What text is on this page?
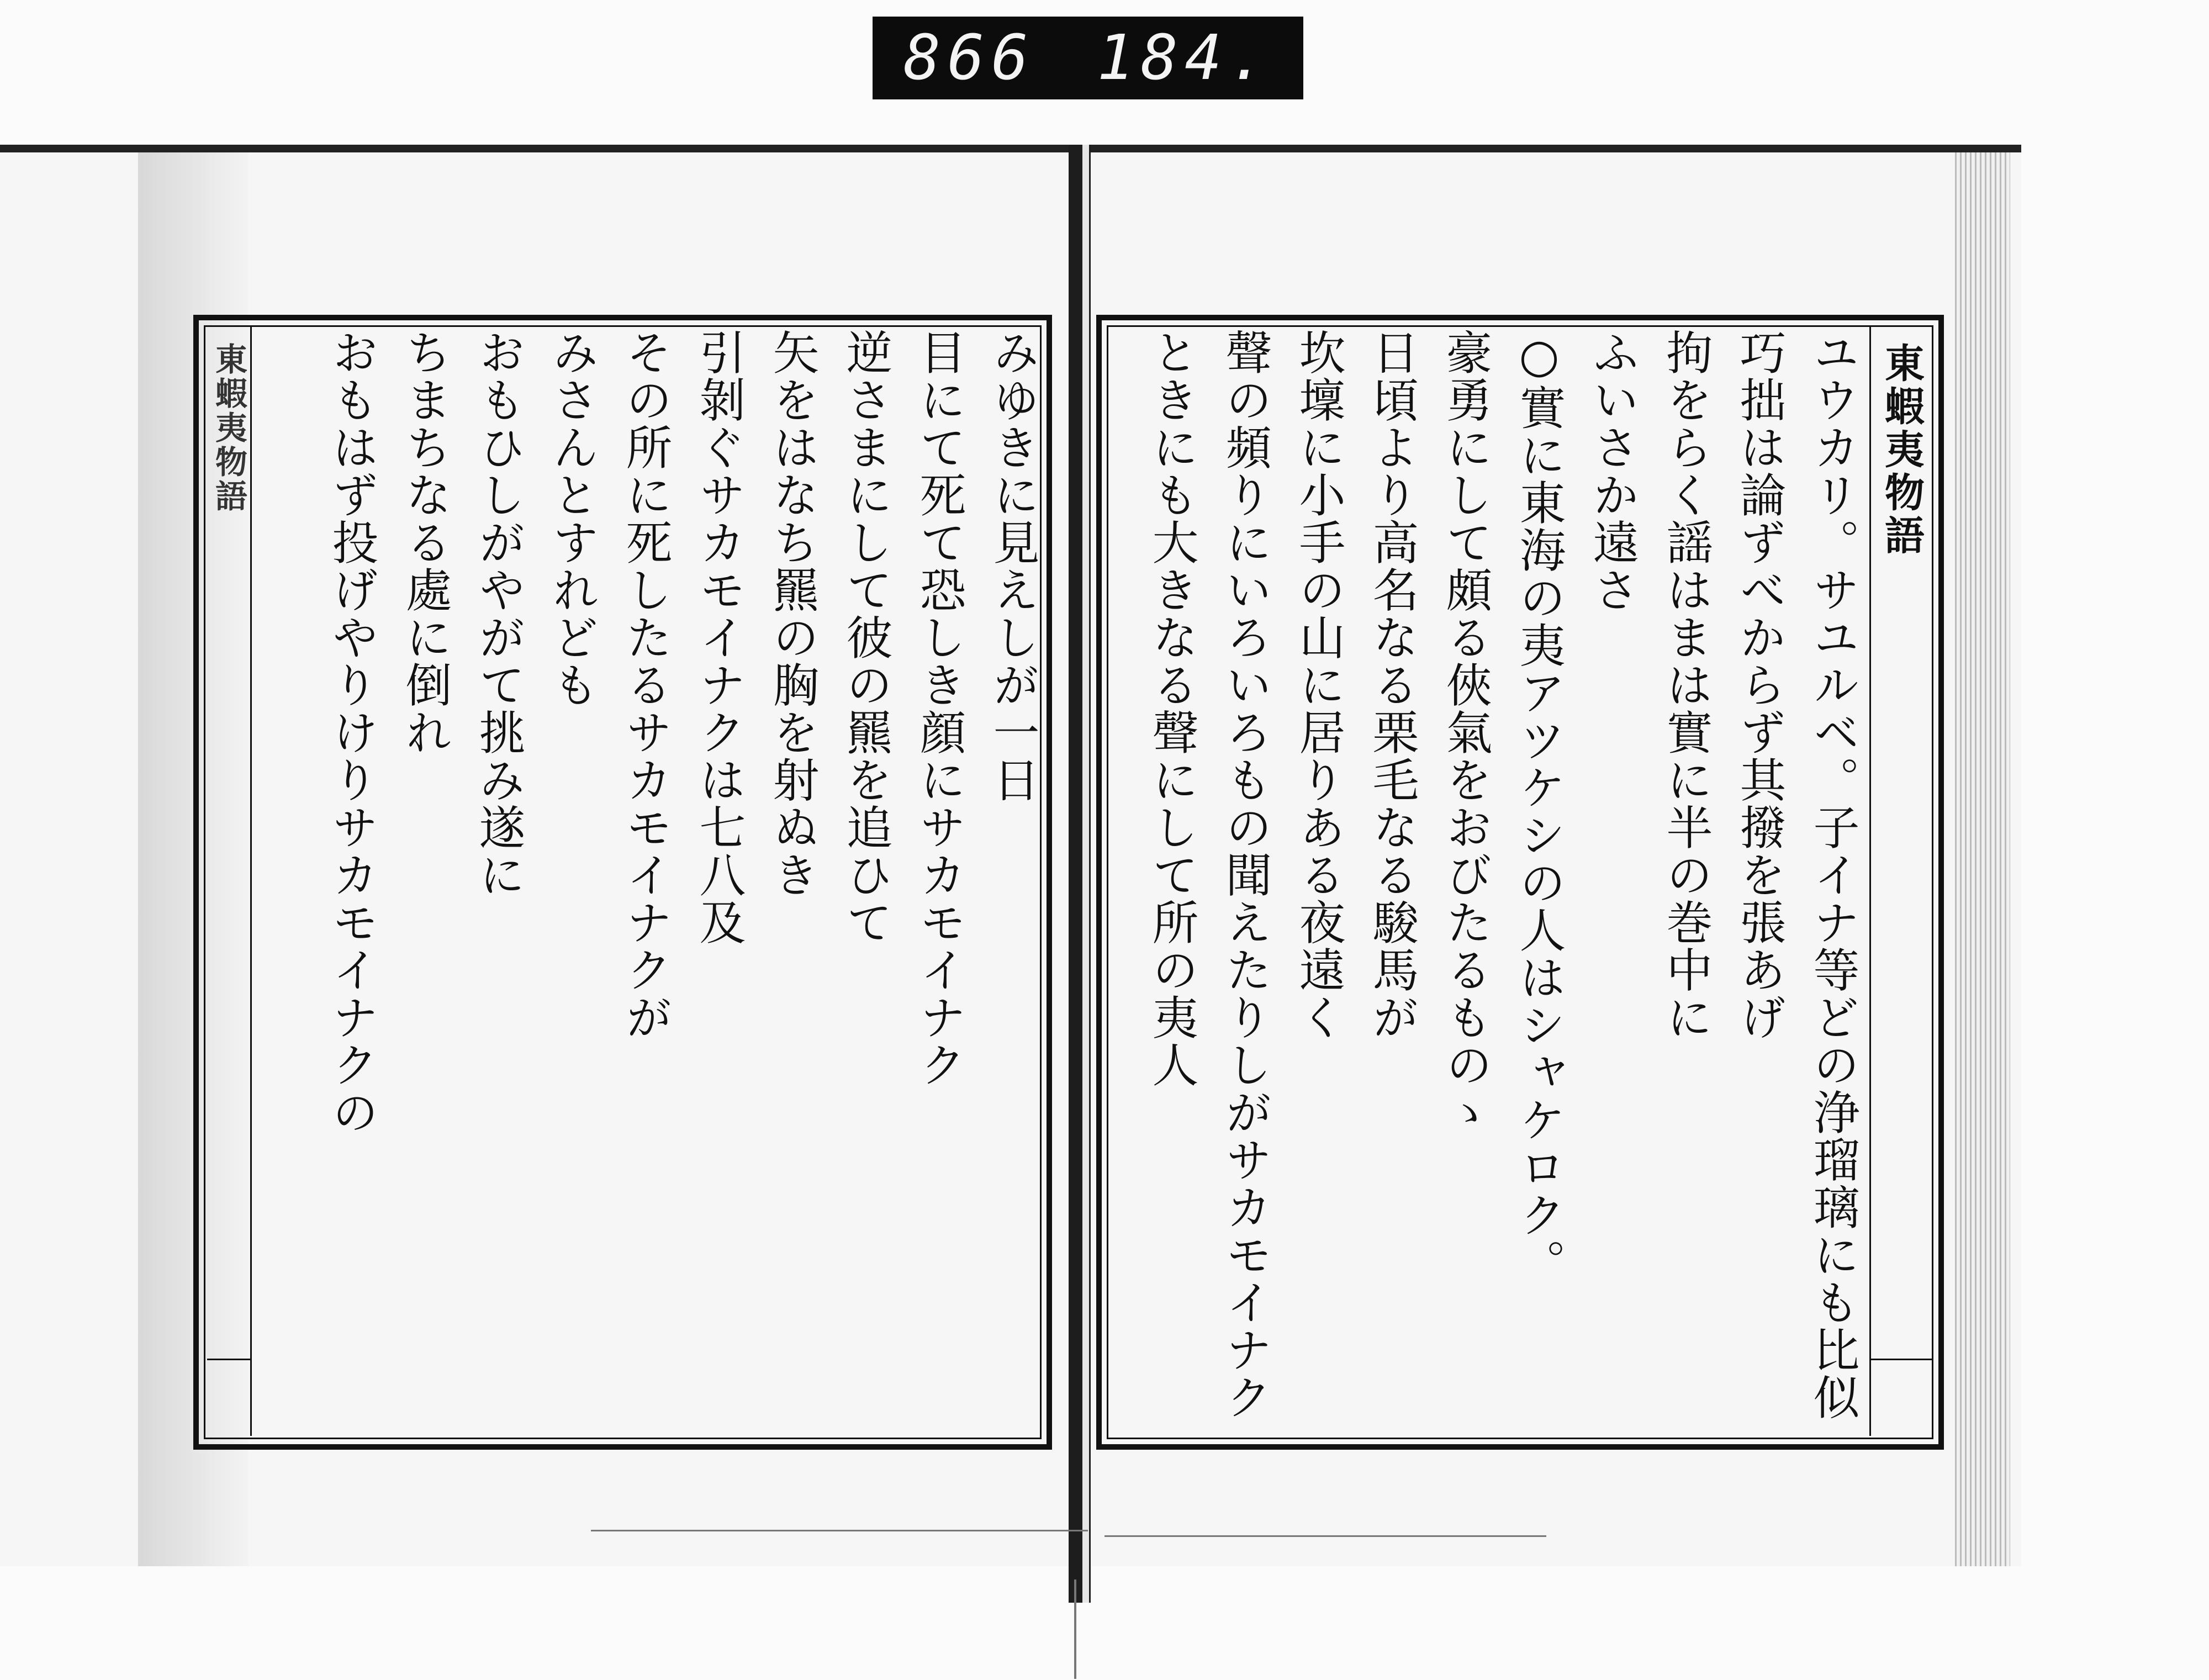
866 184.
東蝦夷物語
ユウカリ。サユルベ。子イナ等どの浄瑠璃にも比似
巧拙は論ずべからず其撥を張あげ
拘をらく謡はまは實に半の巻中に
ふいさか遠さ
○實に東海の夷アツケシの人はシャケロク。
豪勇にして頗る俠氣をおびたるものゝ
日頃より高名なる栗毛なる駿馬が
坎壈に小手の山に居りある夜遠く
聲の頻りにいろいろもの聞えたりしがサカモイナク
ときにも大きなる聲にして所の夷人
東蝦夷物語	みゆきに見えしが一日
目にて死て恐しき顔にサカモイナク
逆さまにして彼の羆を追ひて
矢をはなち羆の胸を射ぬき
引剝ぐサカモイナクは七八及
その所に死したるサカモイナクが
みさんとすれども
おもひしがやがて挑み遂に
ちまちなる處に倒れ
おもはず投げやりけりサカモイナクの
